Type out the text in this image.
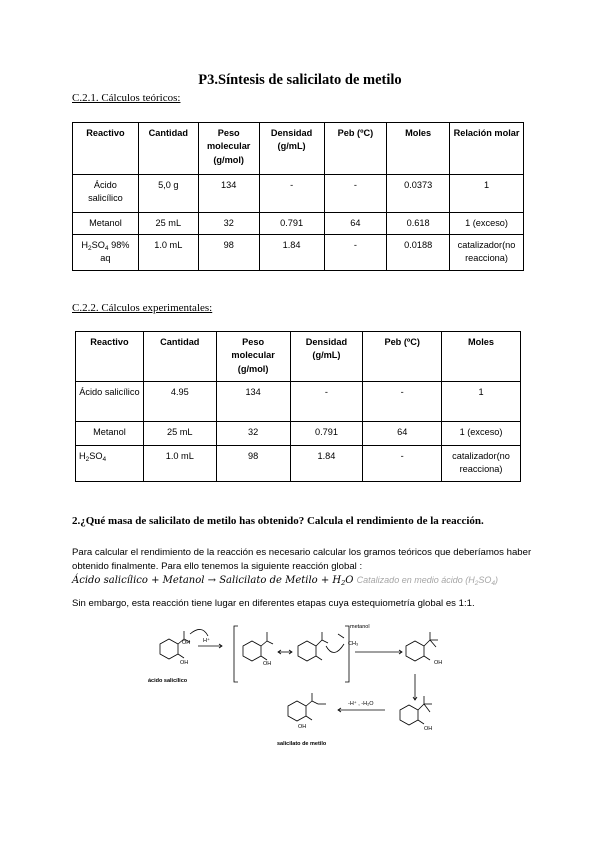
P3.Síntesis de salicilato de metilo
C.2.1. Cálculos teóricos:
Reactivo	Cantidad	Peso molecular (g/mol)	Densidad (g/mL)	Peb (ºC)	Moles	Relación molar
Ácido salicílico	5,0 g	134	-	-	0.0373	1
Metanol	25 mL	32	0.791	64	0.618	1 (exceso)
$H_2SO_4$ 98% aq	1.0 mL	98	1.84	-	0.0188	catalizador(no reacciona)
C.2.2. Cálculos experimentales:
Reactivo	Cantidad	Peso molecular (g/mol)	Densidad (g/mL)	Peb (ºC)	Moles
Ácido salicílico	4.95	134	-	-	1
Metanol	25 mL	32	0.791	64	1 (exceso)
$H_2SO_4$	1.0 mL	98	1.84	-	catalizador(no reacciona)
2.¿Qué masa de salicilato de metilo has obtenido? Calcula el rendimiento de la reacción.
Para calcular el rendimiento de la reacción es necesario calcular los gramos teóricos que deberíamos haber obtenido finalmente. Para ello tenemos la siguiente reacción global :
Ácido salicílico + Metanol → Salicilato de Metilo + $H_2O$ Catalizado en medio ácido $(H_2SO_4)$
Sin embargo, esta reacción tiene lugar en diferentes etapas cuya estequiometría global es 1:1.
ácido salicílico
salicilato de metilo
H⁺
metanol
-H⁺ , -H₂O
OH
OH	OH
CH₃
OH
OH
OH
